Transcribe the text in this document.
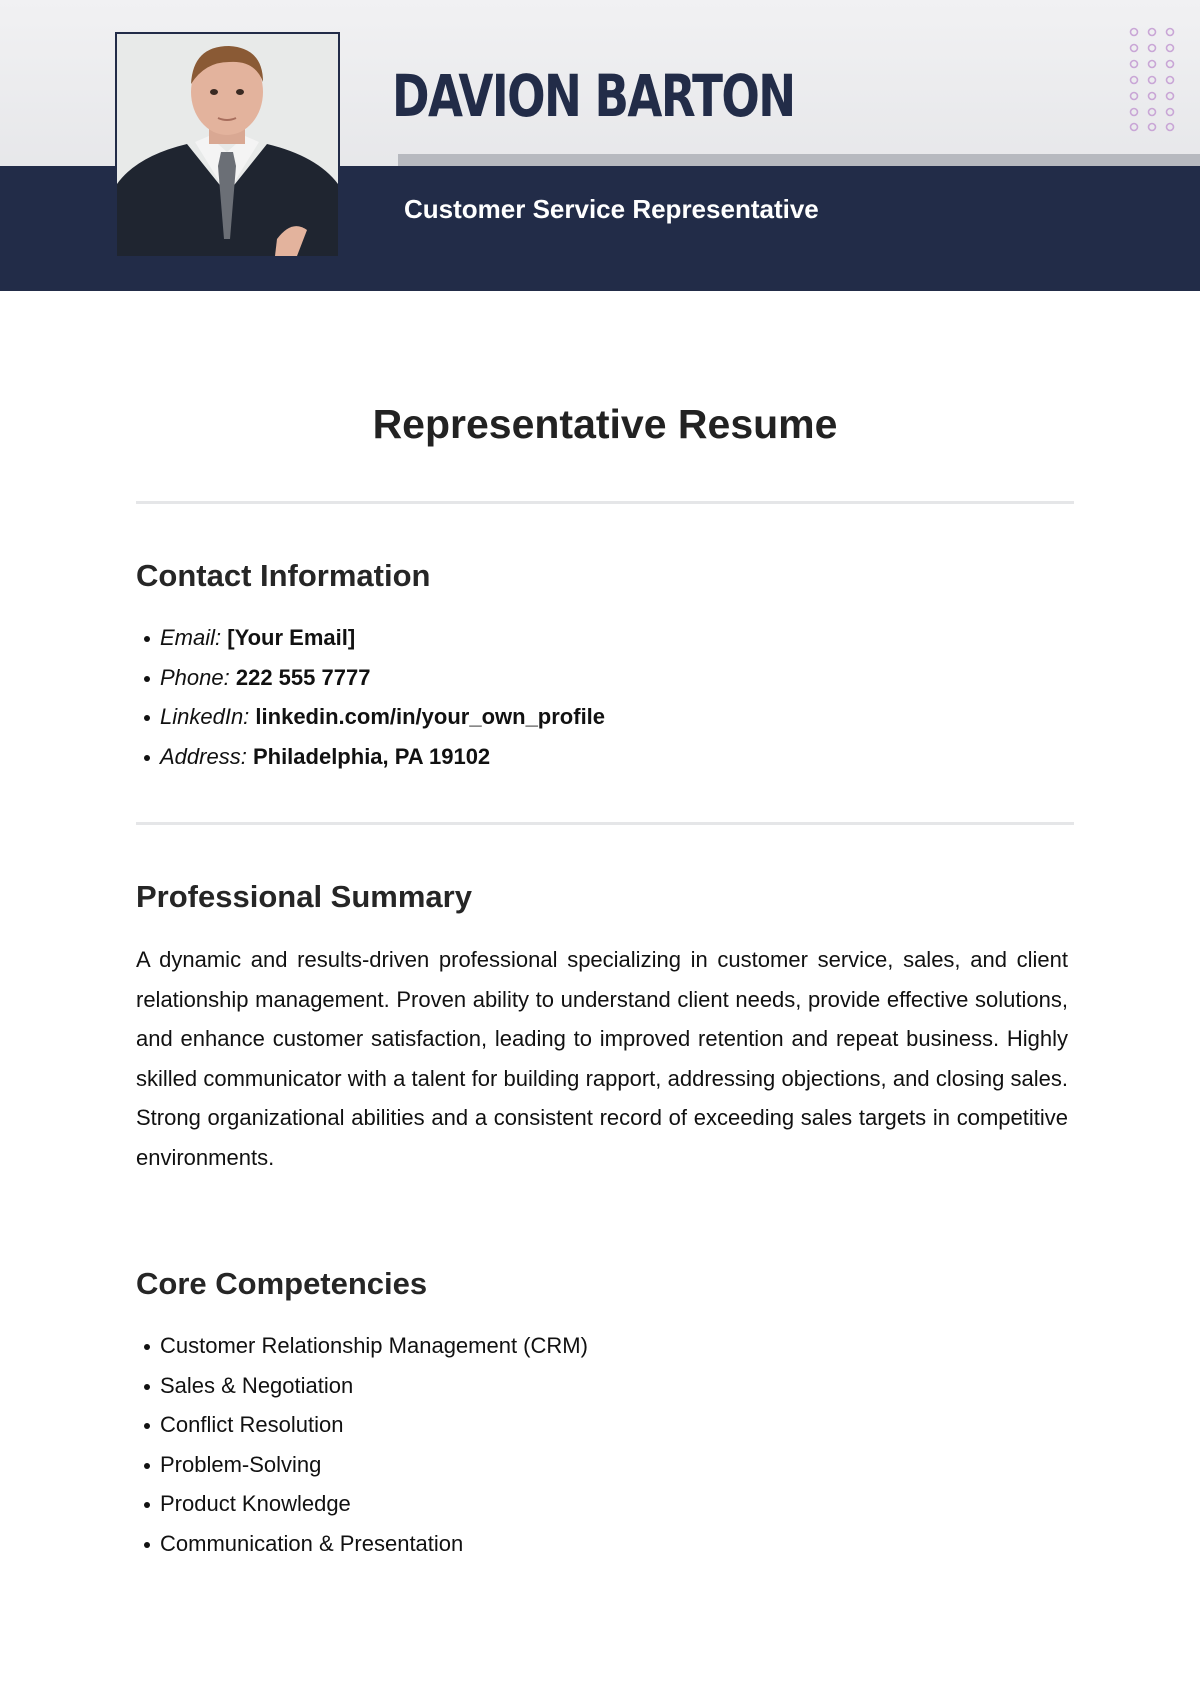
DAVION BARTON
Customer Service Representative
Representative Resume
Contact Information
Email: [Your Email]
Phone: 222 555 7777
LinkedIn: linkedin.com/in/your_own_profile
Address: Philadelphia, PA 19102
Professional Summary

A dynamic and results-driven professional specializing in customer service, sales, and client relationship management. Proven ability to understand client needs, provide effective solutions, and enhance customer satisfaction, leading to improved retention and repeat business. Highly skilled communicator with a talent for building rapport, addressing objections, and closing sales. Strong organizational abilities and a consistent record of exceeding sales targets in competitive environments.

Core Competencies
Customer Relationship Management (CRM)
Sales & Negotiation
Conflict Resolution
Problem-Solving
Product Knowledge
Communication & Presentation
